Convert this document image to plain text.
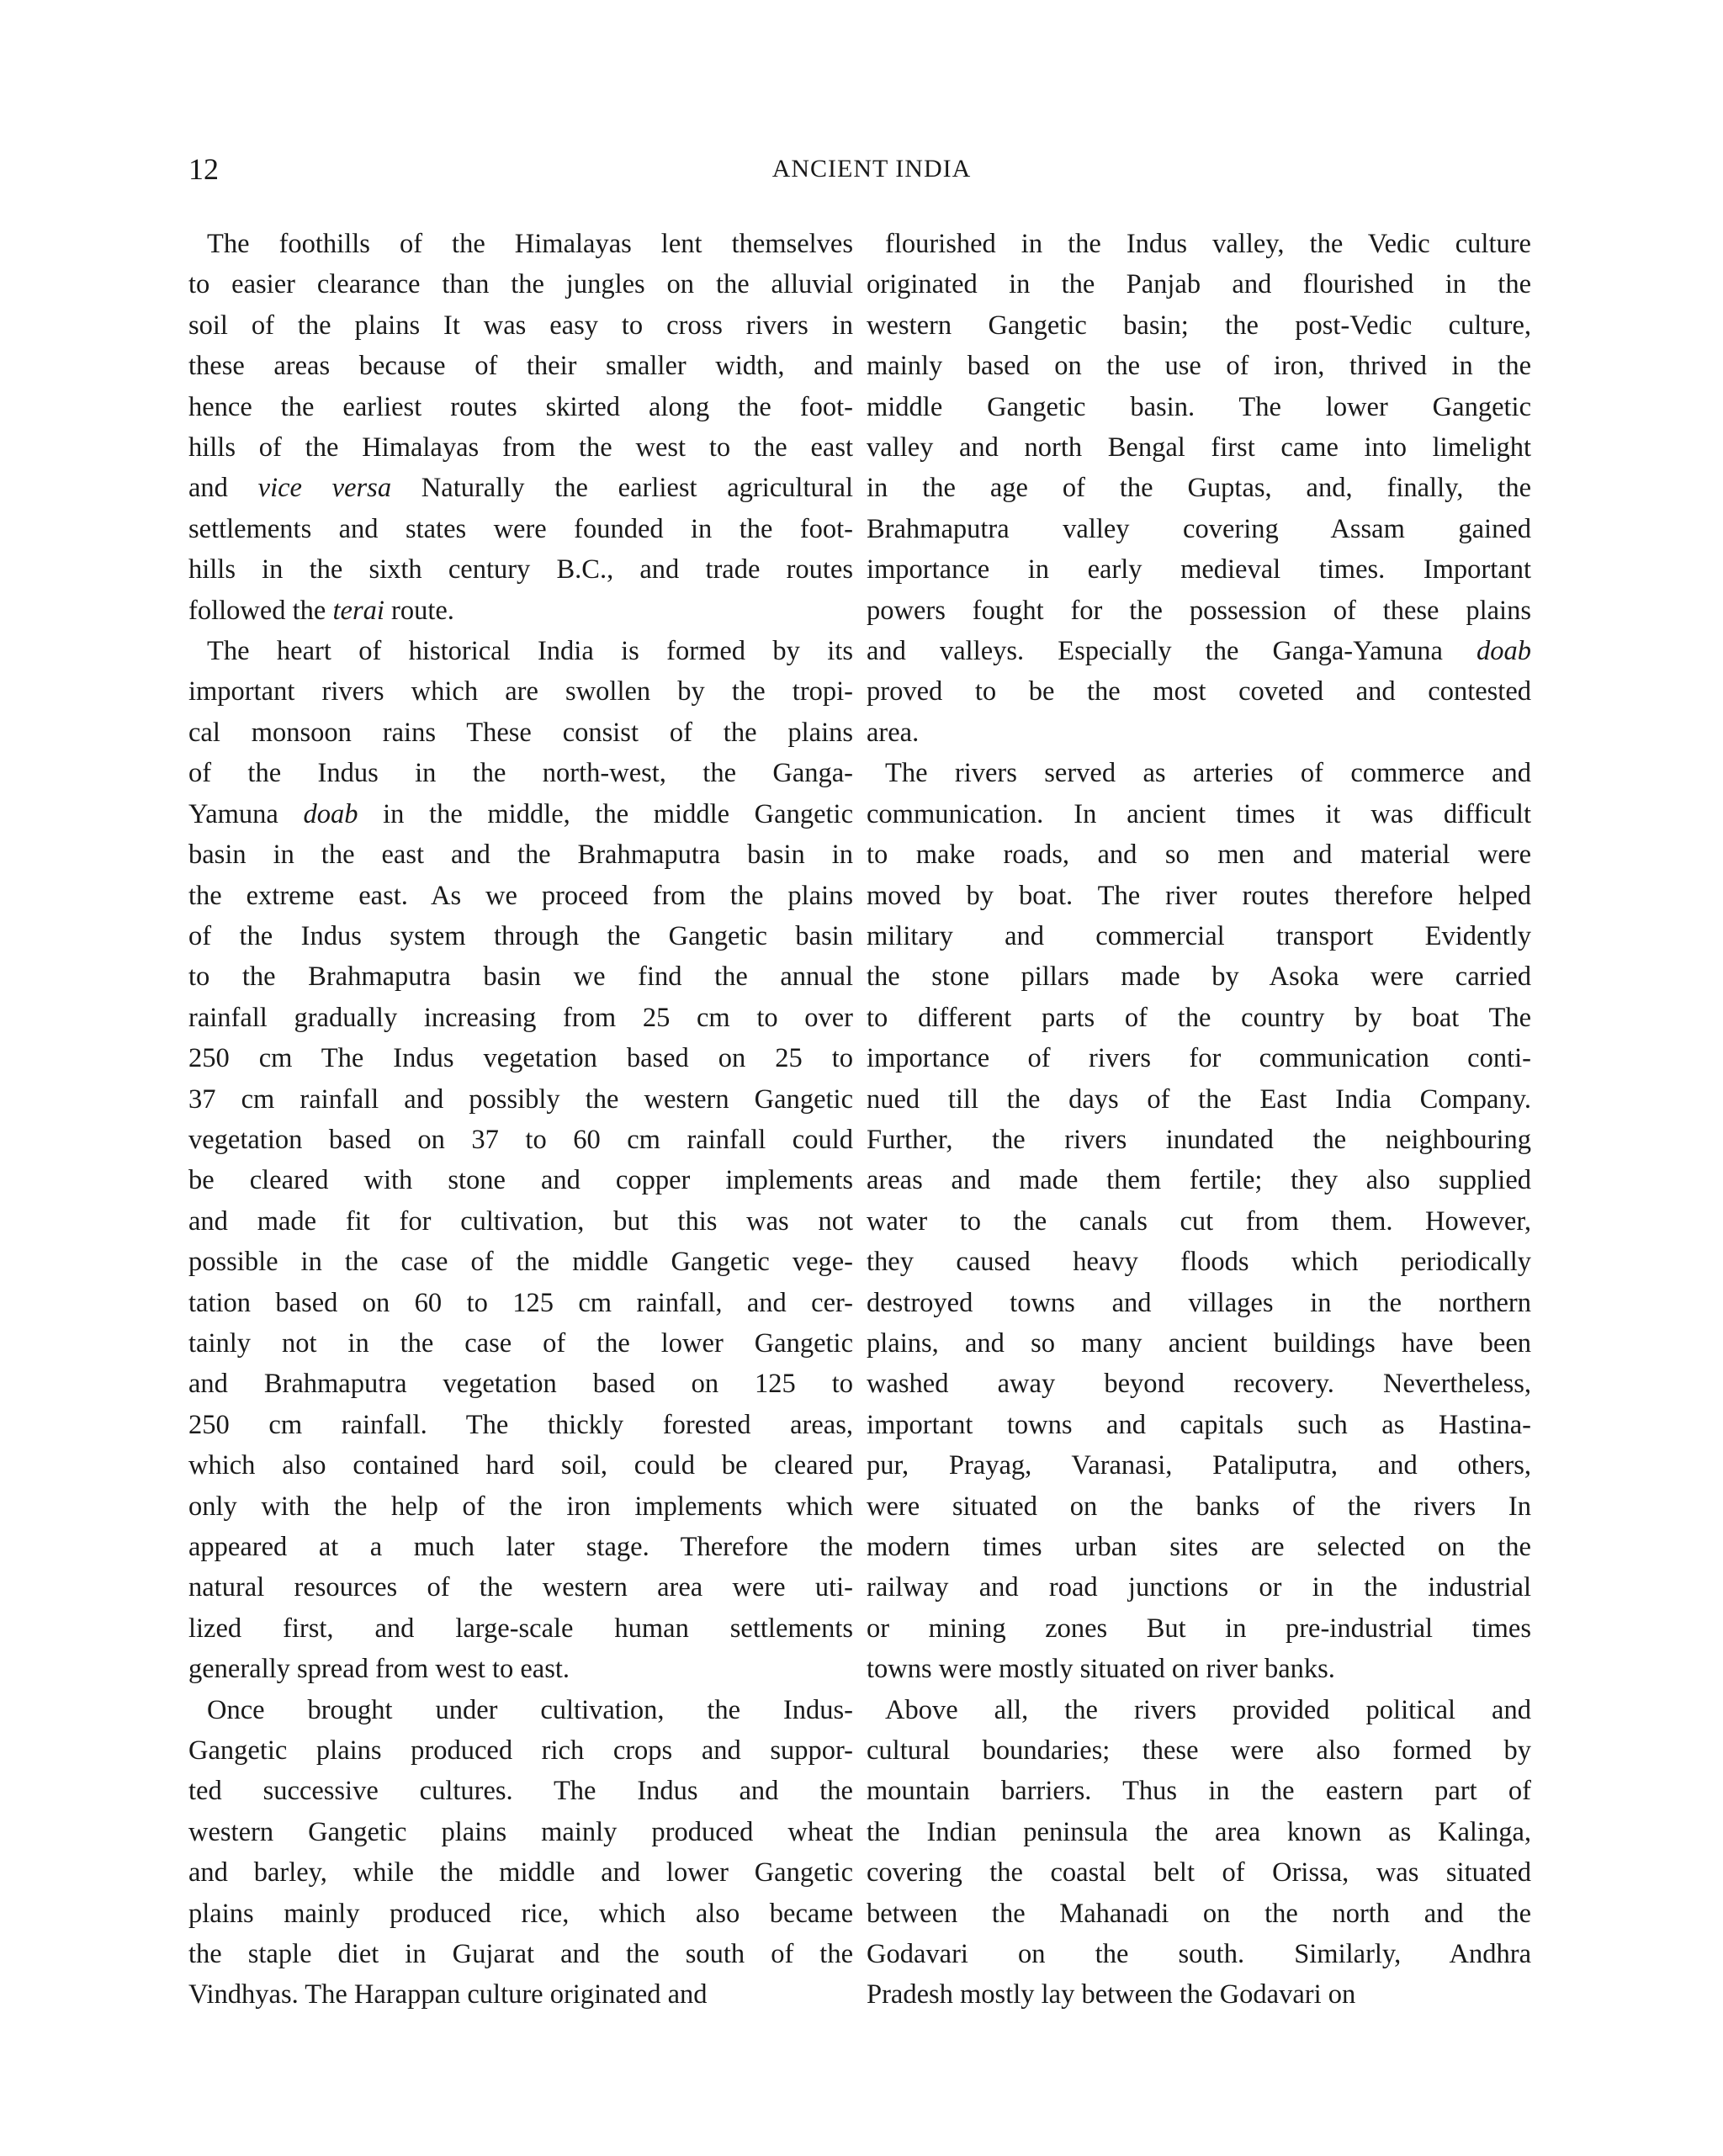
12	ANCIENT INDIA

The foothills of the Himalayas lent themselves
to easier clearance than the jungles on the alluvial
soil of the plains It was easy to cross rivers in
these areas because of their smaller width, and
hence the earliest routes skirted along the foot-
hills of the Himalayas from the west to the east
and vice versa Naturally the earliest agricultural
settlements and states were founded in the foot-
hills in the sixth century B.C., and trade routes
followed the terai route.

The heart of historical India is formed by its
important rivers which are swollen by the tropi-
cal monsoon rains These consist of the plains
of the Indus in the north-west, the Ganga-
Yamuna doab in the middle, the middle Gangetic
basin in the east and the Brahmaputra basin in
the extreme east. As we proceed from the plains
of the Indus system through the Gangetic basin
to the Brahmaputra basin we find the annual
rainfall gradually increasing from 25 cm to over
250 cm The Indus vegetation based on 25 to
37 cm rainfall and possibly the western Gangetic
vegetation based on 37 to 60 cm rainfall could
be cleared with stone and copper implements
and made fit for cultivation, but this was not
possible in the case of the middle Gangetic vege-
tation based on 60 to 125 cm rainfall, and cer-
tainly not in the case of the lower Gangetic
and Brahmaputra vegetation based on 125 to
250 cm rainfall. The thickly forested areas,
which also contained hard soil, could be cleared
only with the help of the iron implements which
appeared at a much later stage. Therefore the
natural resources of the western area were uti-
lized first, and large-scale human settlements
generally spread from west to east.

Once brought under cultivation, the Indus-
Gangetic plains produced rich crops and suppor-
ted successive cultures. The Indus and the
western Gangetic plains mainly produced wheat
and barley, while the middle and lower Gangetic
plains mainly produced rice, which also became
the staple diet in Gujarat and the south of the
Vindhyas. The Harappan culture originated and

flourished in the Indus valley, the Vedic culture
originated in the Panjab and flourished in the
western Gangetic basin; the post-Vedic culture,
mainly based on the use of iron, thrived in the
middle Gangetic basin. The lower Gangetic
valley and north Bengal first came into limelight
in the age of the Guptas, and, finally, the
Brahmaputra valley covering Assam gained
importance in early medieval times. Important
powers fought for the possession of these plains
and valleys. Especially the Ganga-Yamuna doab
proved to be the most coveted and contested
area.

The rivers served as arteries of commerce and
communication. In ancient times it was difficult
to make roads, and so men and material were
moved by boat. The river routes therefore helped
military and commercial transport Evidently
the stone pillars made by Asoka were carried
to different parts of the country by boat The
importance of rivers for communication conti-
nued till the days of the East India Company.
Further, the rivers inundated the neighbouring
areas and made them fertile; they also supplied
water to the canals cut from them. However,
they caused heavy floods which periodically
destroyed towns and villages in the northern
plains, and so many ancient buildings have been
washed away beyond recovery. Nevertheless,
important towns and capitals such as Hastina-
pur, Prayag, Varanasi, Pataliputra, and others,
were situated on the banks of the rivers In
modern times urban sites are selected on the
railway and road junctions or in the industrial
or mining zones But in pre-industrial times
towns were mostly situated on river banks.

Above all, the rivers provided political and
cultural boundaries; these were also formed by
mountain barriers. Thus in the eastern part of
the Indian peninsula the area known as Kalinga,
covering the coastal belt of Orissa, was situated
between the Mahanadi on the north and the
Godavari on the south. Similarly, Andhra
Pradesh mostly lay between the Godavari on
